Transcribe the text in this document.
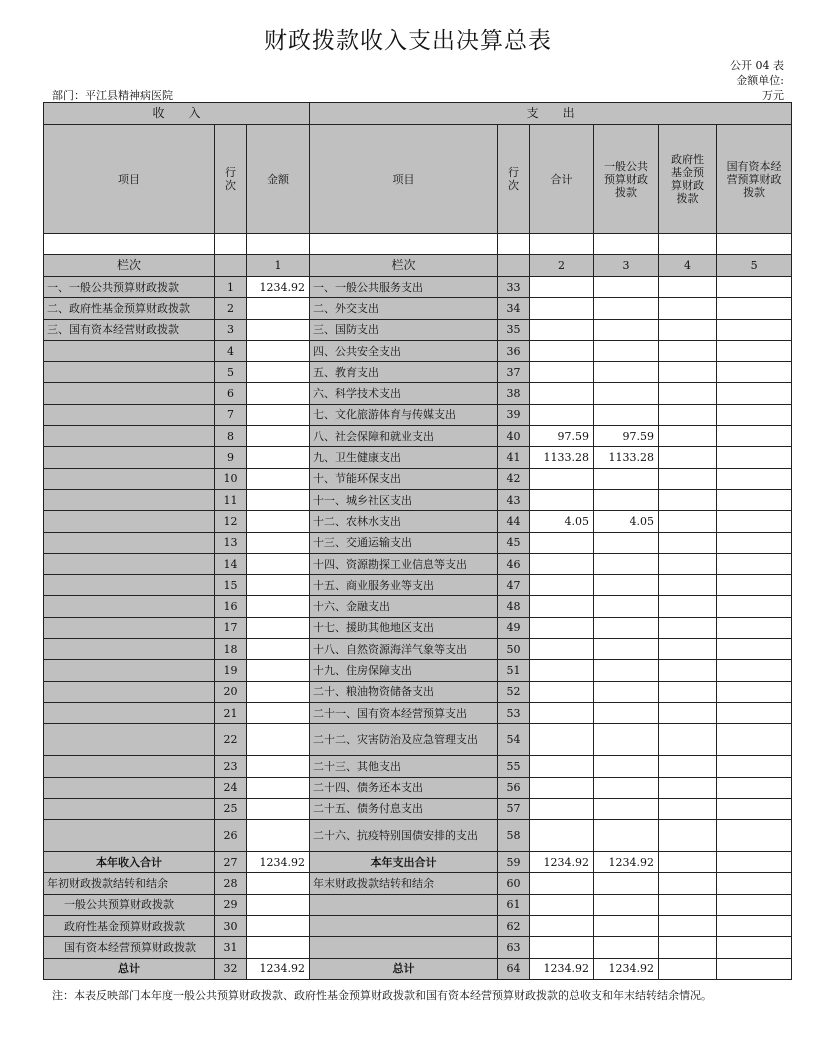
财政拨款收入支出决算总表
公开 04 表
金额单位:
万元
部门：平江县精神病医院
收　　入			支　　出					
项目	行次	金额	项目	行次	合计	一般公共预算财政拨款	政府性基金预算财政拨款	国有资本经营预算财政拨款

栏次		1	栏次		2	3	4	5
一、一般公共预算财政拨款	1	1234.92	一、一般公共服务支出	33				
二、政府性基金预算财政拨款	2		二、外交支出	34				
三、国有资本经营财政拨款	3		三、国防支出	35				
	4		四、公共安全支出	36				
	5		五、教育支出	37				
	6		六、科学技术支出	38				
	7		七、文化旅游体育与传媒支出	39				
	8		八、社会保障和就业支出	40	97.59	97.59		
	9		九、卫生健康支出	41	1133.28	1133.28		
	10		十、节能环保支出	42				
	11		十一、城乡社区支出	43				
	12		十二、农林水支出	44	4.05	4.05		
	13		十三、交通运输支出	45				
	14		十四、资源勘探工业信息等支出	46				
	15		十五、商业服务业等支出	47				
	16		十六、金融支出	48				
	17		十七、援助其他地区支出	49				
	18		十八、自然资源海洋气象等支出	50				
	19		十九、住房保障支出	51				
	20		二十、粮油物资储备支出	52				
	21		二十一、国有资本经营预算支出	53				
	22		二十二、灾害防治及应急管理支出	54				
	23		二十三、其他支出	55				
	24		二十四、债务还本支出	56				
	25		二十五、债务付息支出	57				
	26		二十六、抗疫特别国债安排的支出	58				
本年收入合计	27	1234.92	本年支出合计	59	1234.92	1234.92		
年初财政拨款结转和结余	28		年末财政拨款结转和结余	60				
一般公共预算财政拨款	29			61				
政府性基金预算财政拨款	30			62				
国有资本经营预算财政拨款	31			63				
总计	32	1234.92	总计	64	1234.92	1234.92		
注：本表反映部门本年度一般公共预算财政拨款、政府性基金预算财政拨款和国有资本经营预算财政拨款的总收支和年末结转结余情况。
